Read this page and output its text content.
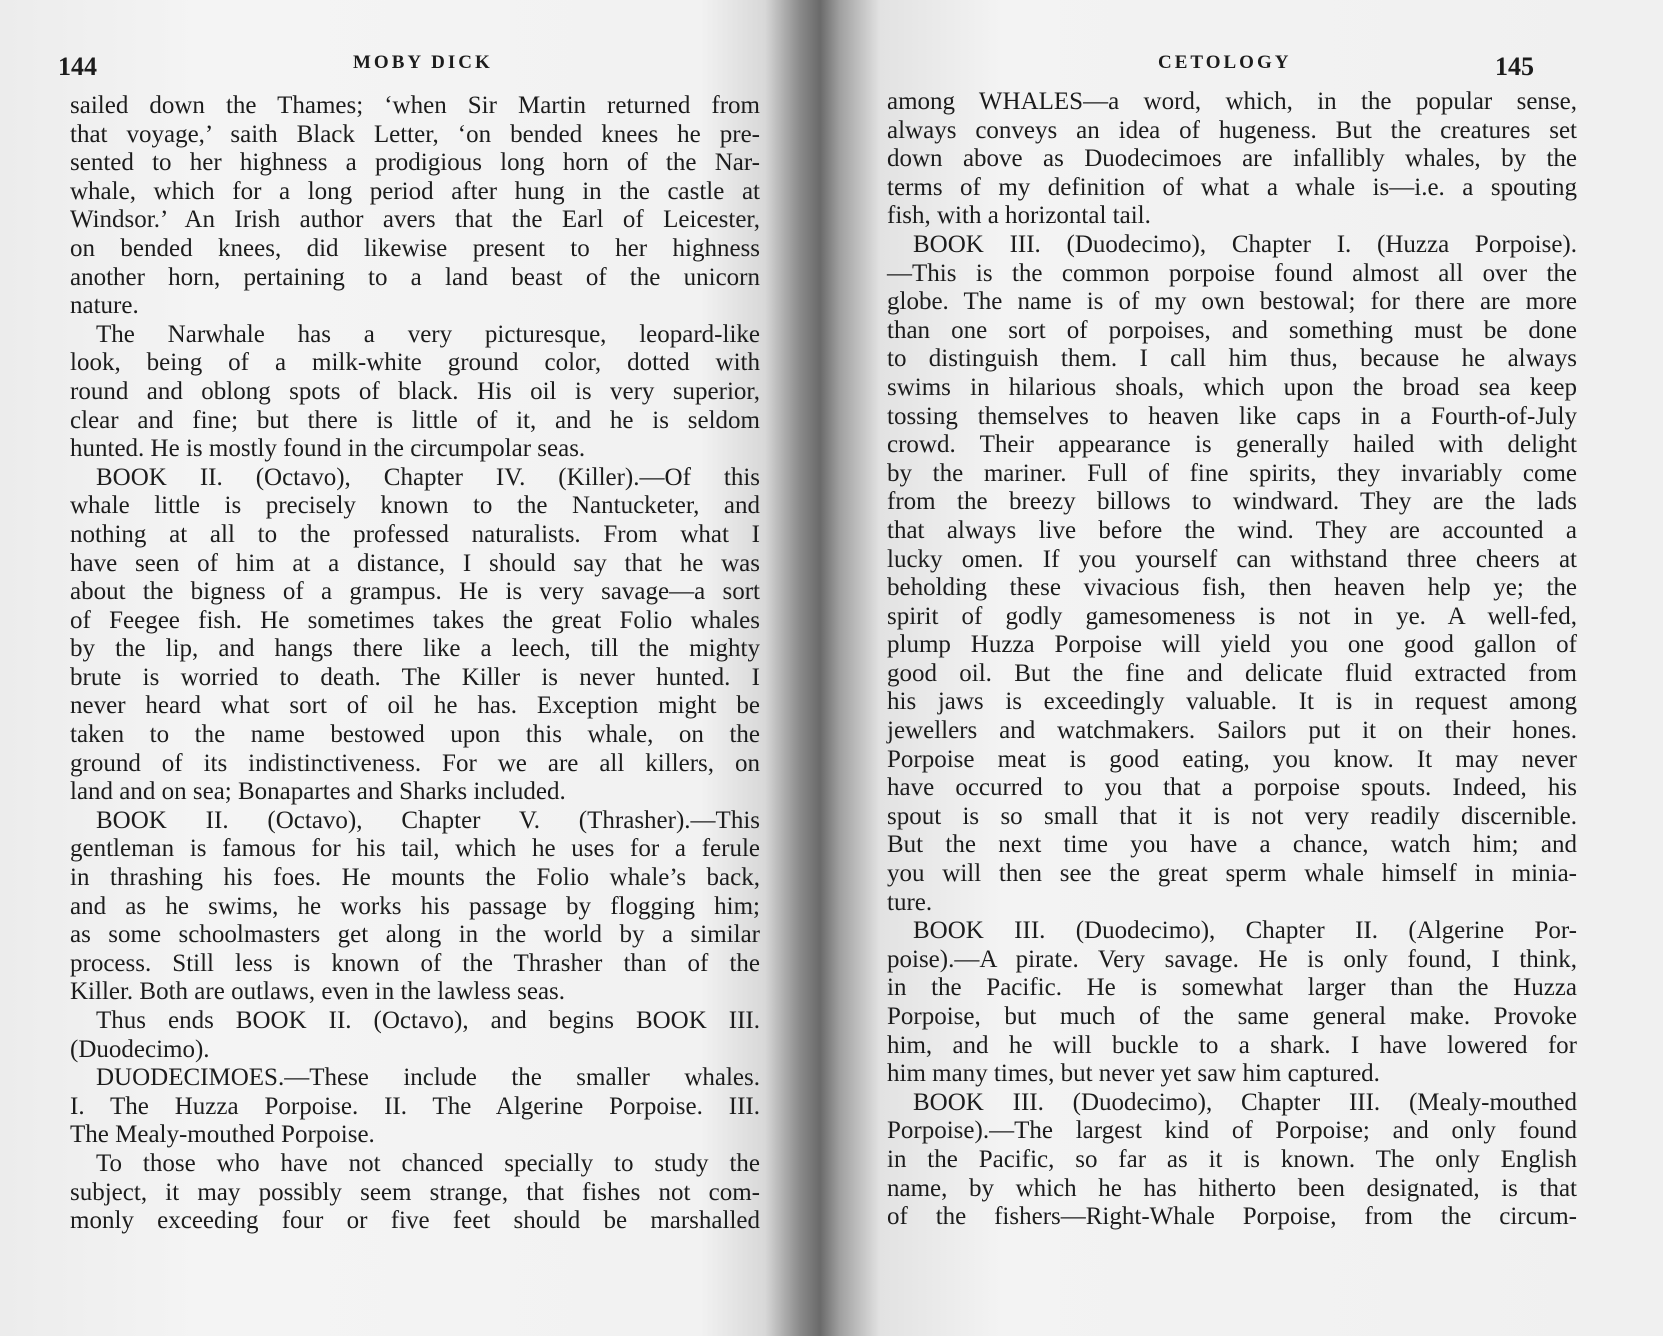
144	MOBY DICK
sailed down the Thames; ‘when Sir Martin returned from
that voyage,’ saith Black Letter, ‘on bended knees he pre-
sented to her highness a prodigious long horn of the Nar-
whale, which for a long period after hung in the castle at
Windsor.’ An Irish author avers that the Earl of Leicester,
on bended knees, did likewise present to her highness
another horn, pertaining to a land beast of the unicorn
nature.
The Narwhale has a very picturesque, leopard-like
look, being of a milk-white ground color, dotted with
round and oblong spots of black. His oil is very superior,
clear and fine; but there is little of it, and he is seldom
hunted. He is mostly found in the circumpolar seas.
BOOK II. (Octavo), Chapter IV. (Killer).—Of this
whale little is precisely known to the Nantucketer, and
nothing at all to the professed naturalists. From what I
have seen of him at a distance, I should say that he was
about the bigness of a grampus. He is very savage—a sort
of Feegee fish. He sometimes takes the great Folio whales
by the lip, and hangs there like a leech, till the mighty
brute is worried to death. The Killer is never hunted. I
never heard what sort of oil he has. Exception might be
taken to the name bestowed upon this whale, on the
ground of its indistinctiveness. For we are all killers, on
land and on sea; Bonapartes and Sharks included.
BOOK II. (Octavo), Chapter V. (Thrasher).—This
gentleman is famous for his tail, which he uses for a ferule
in thrashing his foes. He mounts the Folio whale’s back,
and as he swims, he works his passage by flogging him;
as some schoolmasters get along in the world by a similar
process. Still less is known of the Thrasher than of the
Killer. Both are outlaws, even in the lawless seas.
Thus ends BOOK II. (Octavo), and begins BOOK III.
(Duodecimo).
DUODECIMOES.—These include the smaller whales.
I. The Huzza Porpoise. II. The Algerine Porpoise. III.
The Mealy-mouthed Porpoise.
To those who have not chanced specially to study the
subject, it may possibly seem strange, that fishes not com-
monly exceeding four or five feet should be marshalled
CETOLOGY	145
among WHALES—a word, which, in the popular sense,
always conveys an idea of hugeness. But the creatures set
down above as Duodecimoes are infallibly whales, by the
terms of my definition of what a whale is—i.e. a spouting
fish, with a horizontal tail.
BOOK III. (Duodecimo), Chapter I. (Huzza Porpoise).
—This is the common porpoise found almost all over the
globe. The name is of my own bestowal; for there are more
than one sort of porpoises, and something must be done
to distinguish them. I call him thus, because he always
swims in hilarious shoals, which upon the broad sea keep
tossing themselves to heaven like caps in a Fourth-of-July
crowd. Their appearance is generally hailed with delight
by the mariner. Full of fine spirits, they invariably come
from the breezy billows to windward. They are the lads
that always live before the wind. They are accounted a
lucky omen. If you yourself can withstand three cheers at
beholding these vivacious fish, then heaven help ye; the
spirit of godly gamesomeness is not in ye. A well-fed,
plump Huzza Porpoise will yield you one good gallon of
good oil. But the fine and delicate fluid extracted from
his jaws is exceedingly valuable. It is in request among
jewellers and watchmakers. Sailors put it on their hones.
Porpoise meat is good eating, you know. It may never
have occurred to you that a porpoise spouts. Indeed, his
spout is so small that it is not very readily discernible.
But the next time you have a chance, watch him; and
you will then see the great sperm whale himself in minia-
ture.
BOOK III. (Duodecimo), Chapter II. (Algerine Por-
poise).—A pirate. Very savage. He is only found, I think,
in the Pacific. He is somewhat larger than the Huzza
Porpoise, but much of the same general make. Provoke
him, and he will buckle to a shark. I have lowered for
him many times, but never yet saw him captured.
BOOK III. (Duodecimo), Chapter III. (Mealy-mouthed
Porpoise).—The largest kind of Porpoise; and only found
in the Pacific, so far as it is known. The only English
name, by which he has hitherto been designated, is that
of the fishers—Right-Whale Porpoise, from the circum-
